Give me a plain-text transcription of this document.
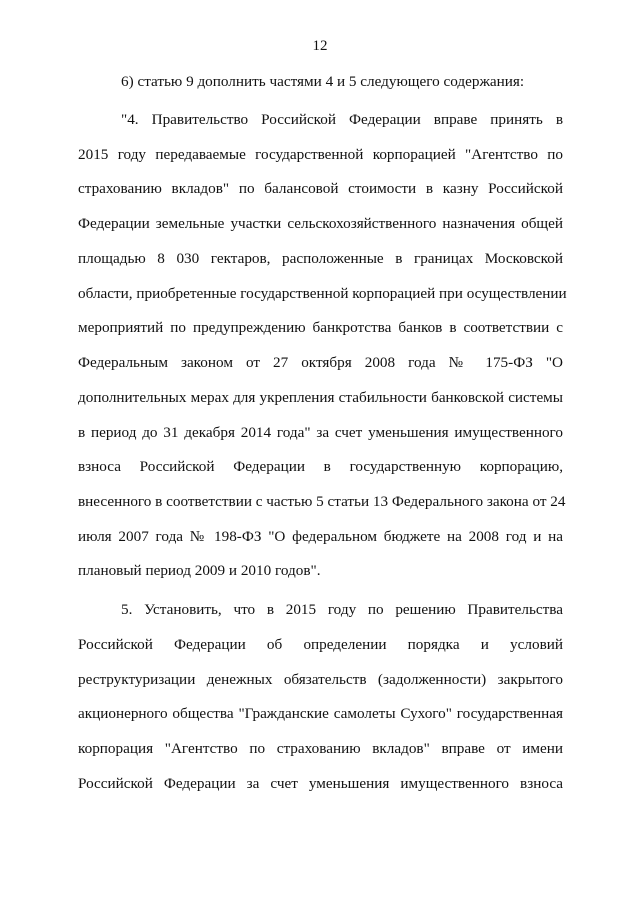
12
6) статью 9 дополнить частями 4 и 5 следующего содержания:
"4. Правительство Российской Федерации вправе принять в
2015 году передаваемые государственной корпорацией "Агентство по
страхованию вкладов" по балансовой стоимости в казну Российской
Федерации земельные участки сельскохозяйственного назначения общей
площадью 8 030 гектаров, расположенные в границах Московской
области, приобретенные государственной корпорацией при осуществлении
мероприятий по предупреждению банкротства банков в соответствии с
Федеральным законом от 27 октября 2008 года № 175-ФЗ "О
дополнительных мерах для укрепления стабильности банковской системы
в период до 31 декабря 2014 года" за счет уменьшения имущественного
взноса Российской Федерации в государственную корпорацию,
внесенного в соответствии с частью 5 статьи 13 Федерального закона от 24
июля 2007 года № 198-ФЗ "О федеральном бюджете на 2008 год и на
плановый период 2009 и 2010 годов".
5. Установить, что в 2015 году по решению Правительства
Российской Федерации об определении порядка и условий
реструктуризации денежных обязательств (задолженности) закрытого
акционерного общества "Гражданские самолеты Сухого" государственная
корпорация "Агентство по страхованию вкладов" вправе от имени
Российской Федерации за счет уменьшения имущественного взноса
